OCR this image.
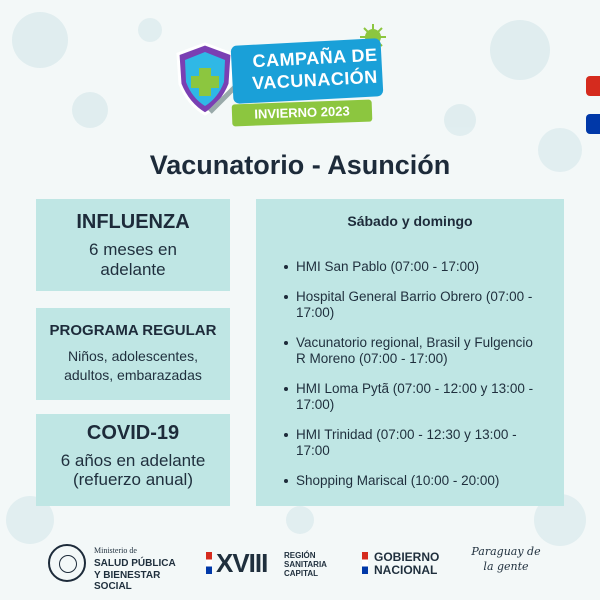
CAMPAÑA DE
VACUNACIÓN
INVIERNO 2023
Vacunatorio - Asunción
INFLUENZA
6 meses en adelante
PROGRAMA REGULAR
Niños, adolescentes, adultos, embarazadas
COVID-19
6 años en adelante (refuerzo anual)
Sábado y domingo
HMI San Pablo (07:00 - 17:00)
Hospital General Barrio Obrero (07:00 - 17:00)
Vacunatorio regional, Brasil y Fulgencio R Moreno (07:00 - 17:00)
HMI Loma Pytã (07:00 - 12:00 y 13:00 - 17:00)
HMI Trinidad (07:00 - 12:30 y 13:00 - 17:00
Shopping Mariscal (10:00 - 20:00)
Ministerio de
SALUD PÚBLICA
Y BIENESTAR SOCIAL
XVIII REGIÓN
SANITARIA
CAPITAL
GOBIERNO
NACIONAL
Paraguay de la gente
